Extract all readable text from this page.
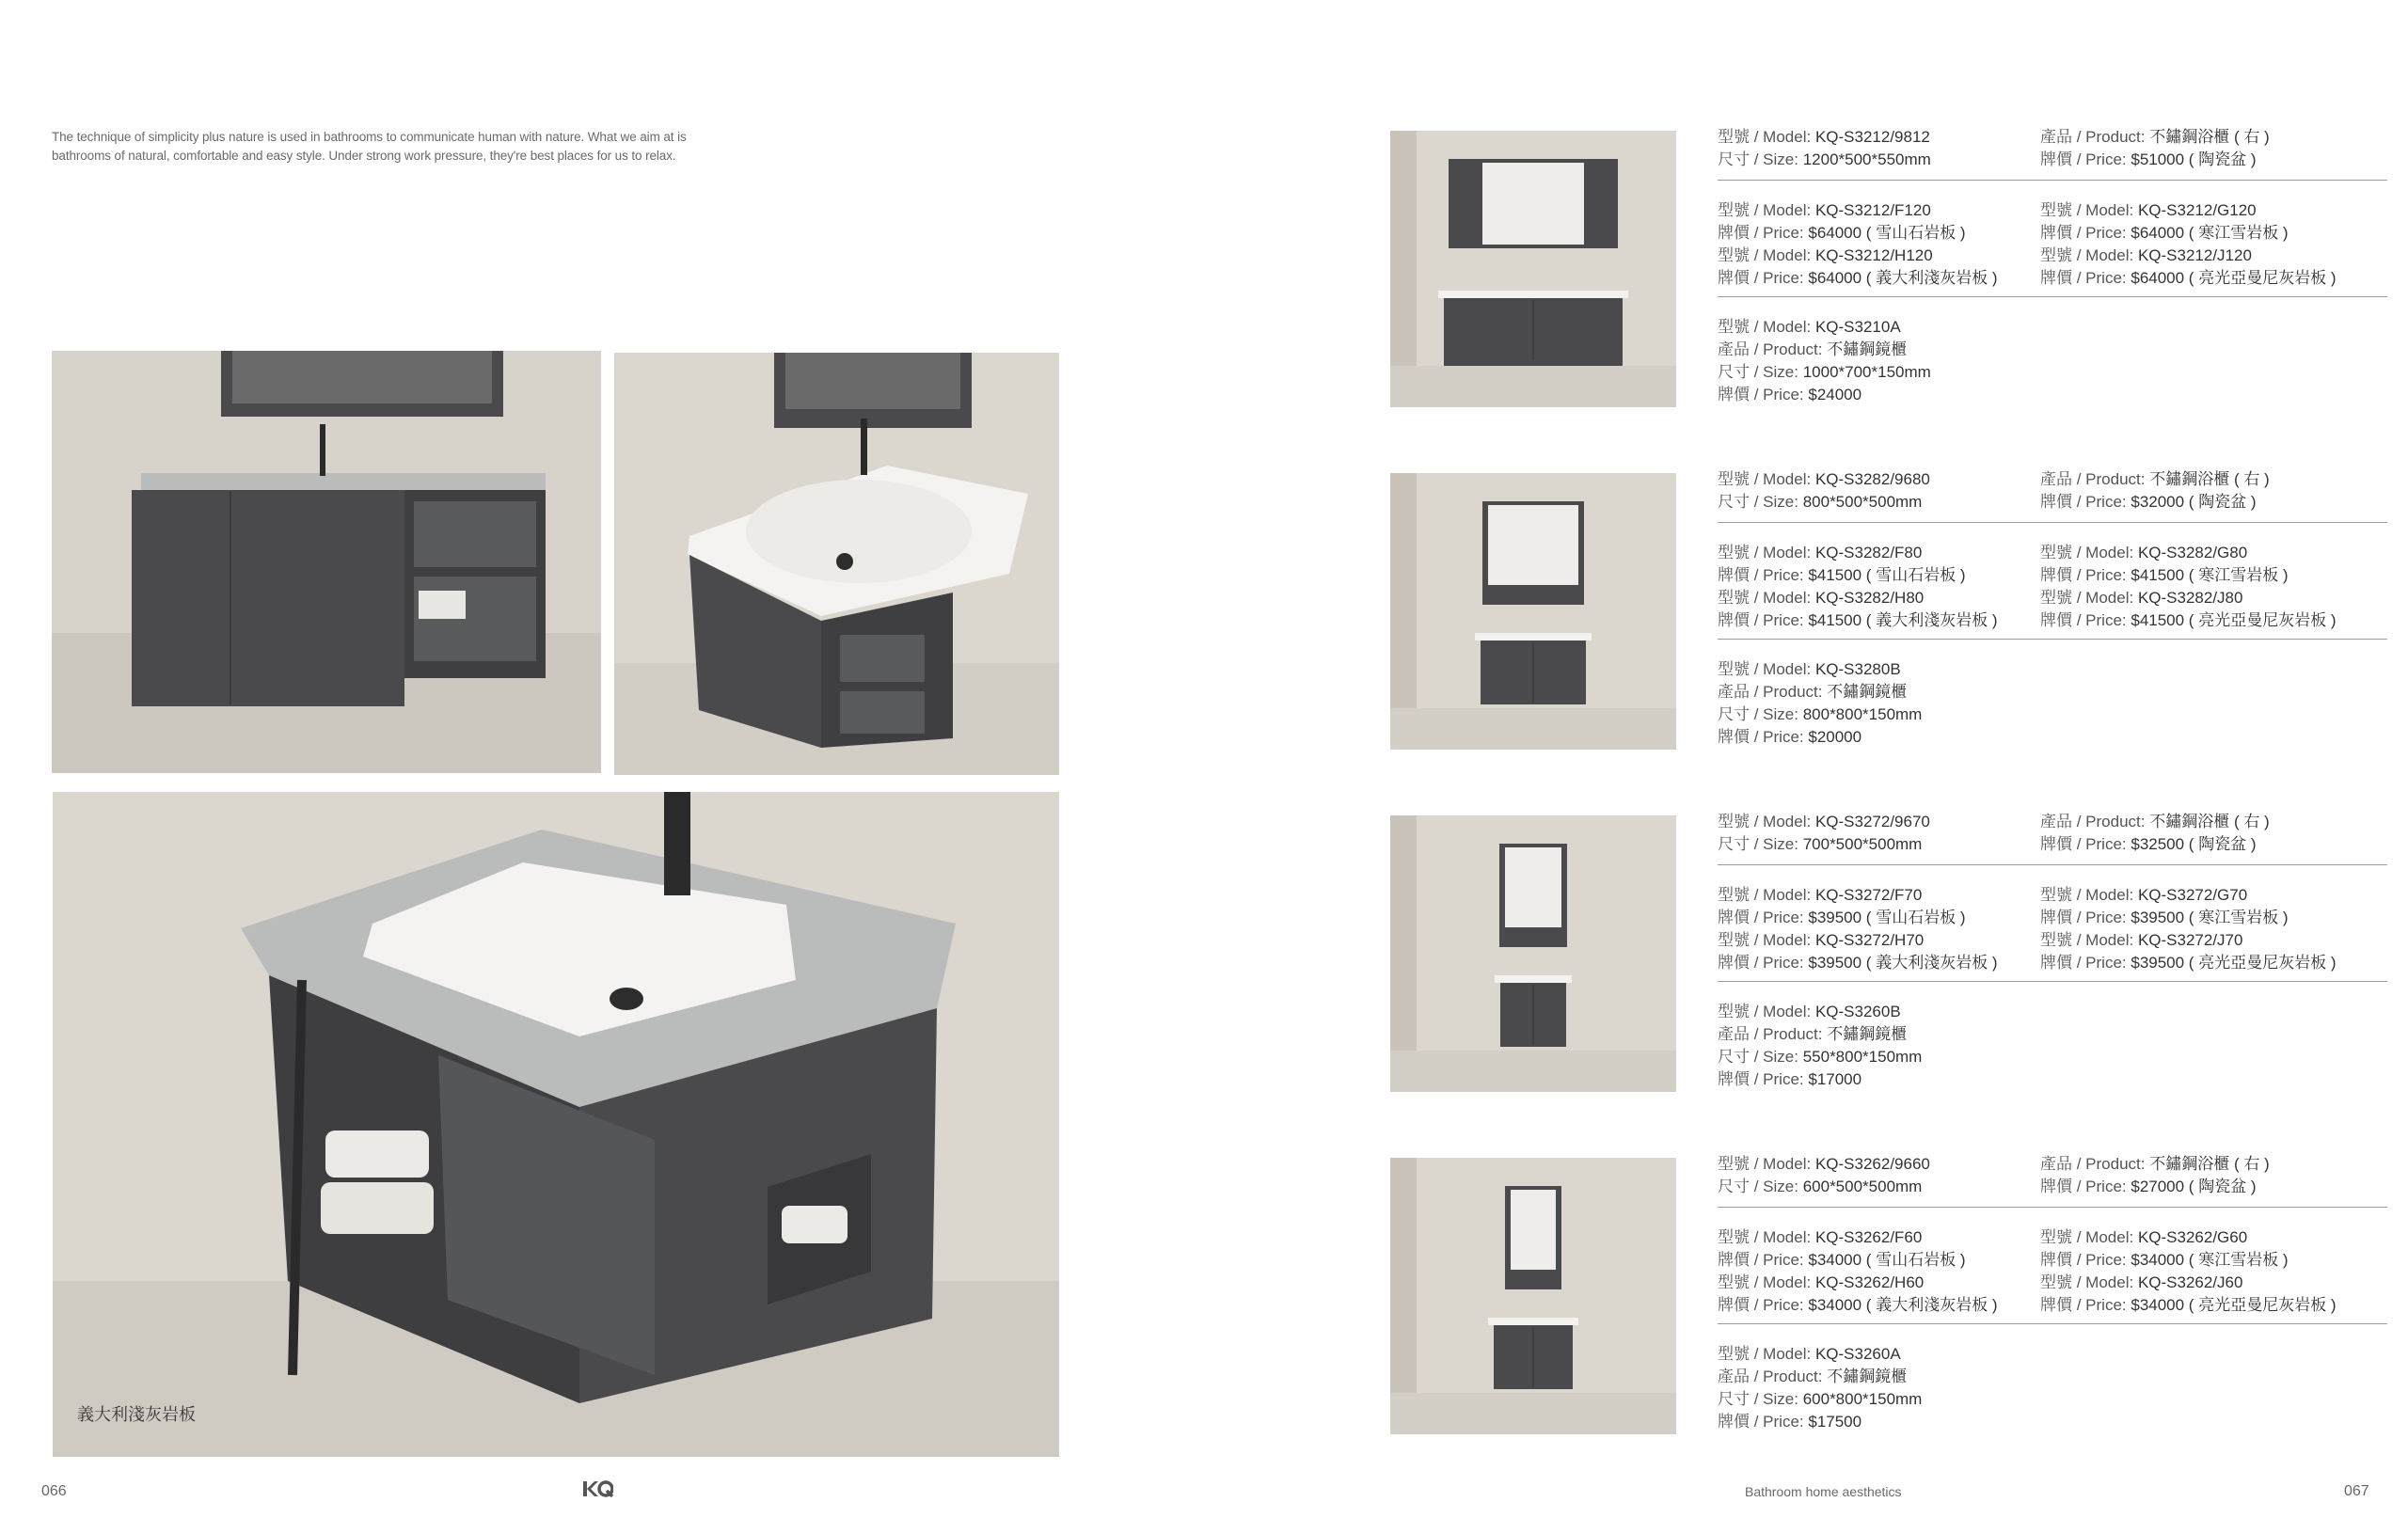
The technique of simplicity plus nature is used in bathrooms to communicate human with nature. What we aim at is
bathrooms of natural, comfortable and easy style. Under strong work pressure, they're best places for us to relax.
義大利淺灰岩板
066
型號 / Model: KQ-S3212/9812	產品 / Product: 不鏽鋼浴櫃 ( 右 )
尺寸 / Size: 1200*500*550mm	牌價 / Price: $51000 ( 陶瓷盆 )
型號 / Model: KQ-S3212/F120	型號 / Model: KQ-S3212/G120
牌價 / Price: $64000 ( 雪山石岩板 )	牌價 / Price: $64000 ( 寒江雪岩板 )
型號 / Model: KQ-S3212/H120	型號 / Model: KQ-S3212/J120
牌價 / Price: $64000 ( 義大利淺灰岩板 )	牌價 / Price: $64000 ( 亮光亞曼尼灰岩板 )
型號 / Model: KQ-S3210A
產品 / Product: 不鏽鋼鏡櫃
尺寸 / Size: 1000*700*150mm
牌價 / Price: $24000
型號 / Model: KQ-S3282/9680	產品 / Product: 不鏽鋼浴櫃 ( 右 )
尺寸 / Size: 800*500*500mm	牌價 / Price: $32000 ( 陶瓷盆 )
型號 / Model: KQ-S3282/F80	型號 / Model: KQ-S3282/G80
牌價 / Price: $41500 ( 雪山石岩板 )	牌價 / Price: $41500 ( 寒江雪岩板 )
型號 / Model: KQ-S3282/H80	型號 / Model: KQ-S3282/J80
牌價 / Price: $41500 ( 義大利淺灰岩板 )	牌價 / Price: $41500 ( 亮光亞曼尼灰岩板 )
型號 / Model: KQ-S3280B
產品 / Product: 不鏽鋼鏡櫃
尺寸 / Size: 800*800*150mm
牌價 / Price: $20000
型號 / Model: KQ-S3272/9670	產品 / Product: 不鏽鋼浴櫃 ( 右 )
尺寸 / Size: 700*500*500mm	牌價 / Price: $32500 ( 陶瓷盆 )
型號 / Model: KQ-S3272/F70	型號 / Model: KQ-S3272/G70
牌價 / Price: $39500 ( 雪山石岩板 )	牌價 / Price: $39500 ( 寒江雪岩板 )
型號 / Model: KQ-S3272/H70	型號 / Model: KQ-S3272/J70
牌價 / Price: $39500 ( 義大利淺灰岩板 )	牌價 / Price: $39500 ( 亮光亞曼尼灰岩板 )
型號 / Model: KQ-S3260B
產品 / Product: 不鏽鋼鏡櫃
尺寸 / Size: 550*800*150mm
牌價 / Price: $17000
型號 / Model: KQ-S3262/9660	產品 / Product: 不鏽鋼浴櫃 ( 右 )
尺寸 / Size: 600*500*500mm	牌價 / Price: $27000 ( 陶瓷盆 )
型號 / Model: KQ-S3262/F60	型號 / Model: KQ-S3262/G60
牌價 / Price: $34000 ( 雪山石岩板 )	牌價 / Price: $34000 ( 寒江雪岩板 )
型號 / Model: KQ-S3262/H60	型號 / Model: KQ-S3262/J60
牌價 / Price: $34000 ( 義大利淺灰岩板 )	牌價 / Price: $34000 ( 亮光亞曼尼灰岩板 )
型號 / Model: KQ-S3260A
產品 / Product: 不鏽鋼鏡櫃
尺寸 / Size: 600*800*150mm
牌價 / Price: $17500
Bathroom home aesthetics	067
